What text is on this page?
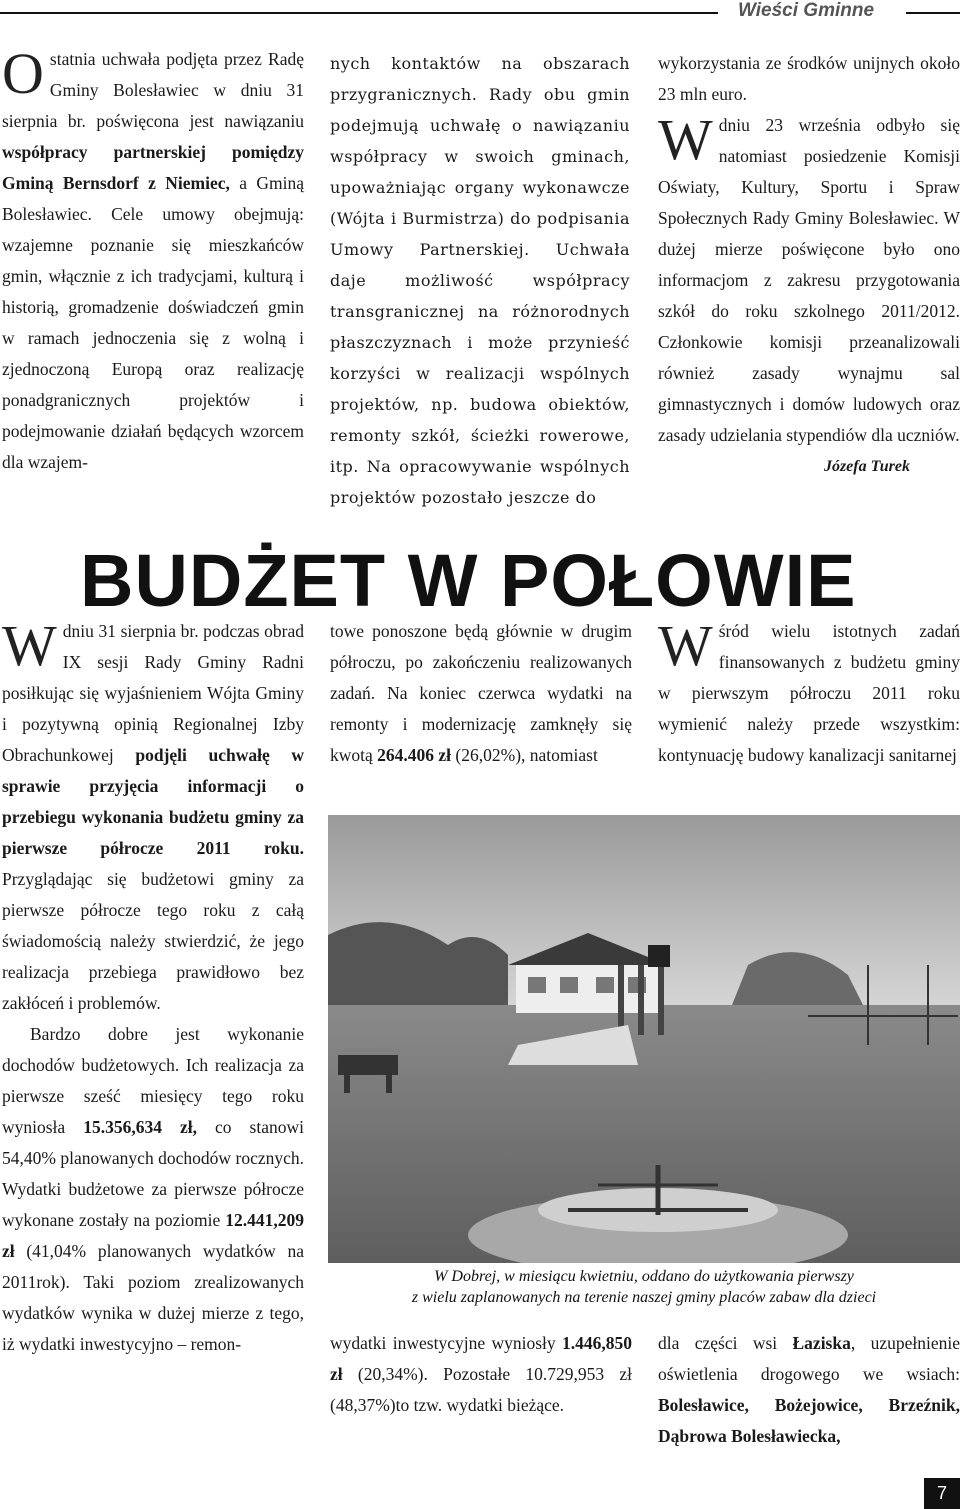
Wieści Gminne

Ostatnia uchwała podjęta przez Radę Gminy Bolesławiec w dniu 31 sierpnia br. poświęcona jest nawiązaniu współpracy partnerskiej pomiędzy Gminą Bernsdorf z Niemiec, a Gminą Bolesławiec. Cele umowy obejmują: wzajemne poznanie się mieszkańców gmin, włącznie z ich tradycjami, kulturą i historią, gromadzenie doświadczeń gmin w ramach jednoczenia się z wolną i zjednoczoną Europą oraz realizację ponadgranicznych projektów i podejmowanie działań będących wzorcem dla wzajem-

nych kontaktów na obszarach przygranicznych. Rady obu gmin podejmują uchwałę o nawiązaniu współpracy w swoich gminach, upoważniając organy wykonawcze (Wójta i Burmistrza) do podpisania Umowy Partnerskiej. Uchwała daje możliwość współpracy transgranicznej na różnorodnych płaszczyznach i może przynieść korzyści w realizacji wspólnych projektów, np. budowa obiektów, remonty szkół, ścieżki rowerowe, itp. Na opracowywanie wspólnych projektów pozostało jeszcze do

wykorzystania ze środków unijnych około 23 mln euro.

Wdniu 23 września odbyło się natomiast posiedzenie Komisji Oświaty, Kultury, Sportu i Spraw Społecznych Rady Gminy Bolesławiec. W dużej mierze poświęcone było ono informacjom z zakresu przygotowania szkół do roku szkolnego 2011/2012. Członkowie komisji przeanalizowali również zasady wynajmu sal gimnastycznych i domów ludowych oraz zasady udzielania stypendiów dla uczniów.
Józefa Turek

BUDŻET W POŁOWIE

Wdniu 31 sierpnia br. podczas obrad IX sesji Rady Gminy Radni posiłkując się wyjaśnieniem Wójta Gminy i pozytywną opinią Regionalnej Izby Obrachunkowej podjęli uchwałę w sprawie przyjęcia informacji o przebiegu wykonania budżetu gminy za pierwsze półrocze 2011 roku. Przyglądając się budżetowi gminy za pierwsze półrocze tego roku z całą świadomością należy stwierdzić, że jego realizacja przebiega prawidłowo bez zakłóceń i problemów.

Bardzo dobre jest wykonanie dochodów budżetowych. Ich realizacja za pierwsze sześć miesięcy tego roku wyniosła 15.356,634 zł, co stanowi 54,40% planowanych dochodów rocznych. Wydatki budżetowe za pierwsze półrocze wykonane zostały na poziomie 12.441,209 zł (41,04% planowanych wydatków na 2011rok). Taki poziom zrealizowanych wydatków wynika w dużej mierze z tego, iż wydatki inwestycyjno – remon-

towe ponoszone będą głównie w drugim półroczu, po zakończeniu realizowanych zadań. Na koniec czerwca wydatki na remonty i modernizację zamknęły się kwotą 264.406 zł (26,02%), natomiast

Wśród wielu istotnych zadań finansowanych z budżetu gminy w pierwszym półroczu 2011 roku wymienić należy przede wszystkim: kontynuację budowy kanalizacji sanitarnej

W Dobrej, w miesiącu kwietniu, oddano do użytkowania pierwszy
z wielu zaplanowanych na terenie naszej gminy placów zabaw dla dzieci

wydatki inwestycyjne wyniosły 1.446,850 zł (20,34%). Pozostałe 10.729,953 zł (48,37%)to tzw. wydatki bieżące.

dla części wsi Łaziska, uzupełnienie oświetlenia drogowego we wsiach: Bolesławice, Bożejowice, Brzeźnik, Dąbrowa Bolesławiecka,

7
